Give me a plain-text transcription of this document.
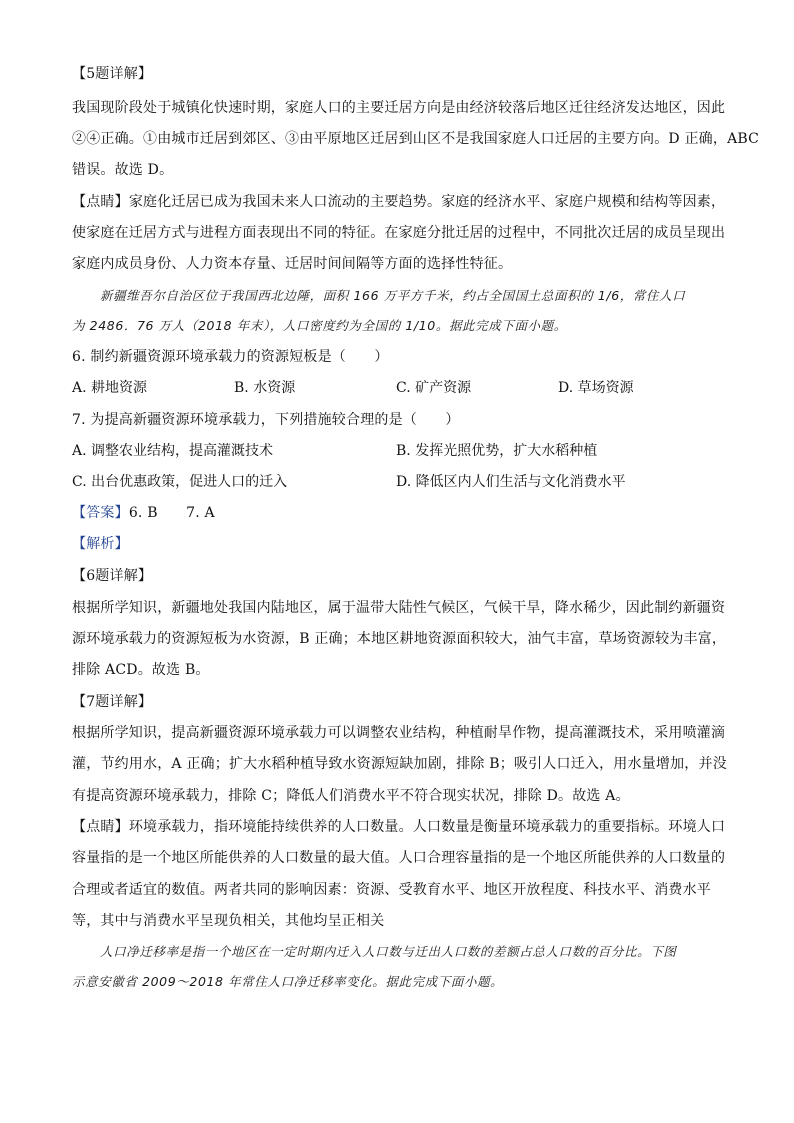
【5题详解】
我国现阶段处于城镇化快速时期，家庭人口的主要迁居方向是由经济较落后地区迁往经济发达地区，因此
②④正确。①由城市迁居到郊区、③由平原地区迁居到山区不是我国家庭人口迁居的主要方向。D 正确，ABC
错误。故选 D。
【点睛】家庭化迁居已成为我国未来人口流动的主要趋势。家庭的经济水平、家庭户规模和结构等因素，
使家庭在迁居方式与进程方面表现出不同的特征。在家庭分批迁居的过程中，不同批次迁居的成员呈现出
家庭内成员身份、人力资本存量、迁居时间间隔等方面的选择性特征。
新疆维吾尔自治区位于我国西北边陲，面积 166 万平方千米，约占全国国土总面积的 1/6，常住人口
为 2486．76 万人（2018 年末），人口密度约为全国的 1/10。据此完成下面小题。
6. 制约新疆资源环境承载力的资源短板是（　　）
A. 耕地资源	B. 水资源	C. 矿产资源	D. 草场资源
7. 为提高新疆资源环境承载力，下列措施较合理的是（　　）
A. 调整农业结构，提高灌溉技术	B. 发挥光照优势，扩大水稻种植
C. 出台优惠政策，促进人口的迁入	D. 降低区内人们生活与文化消费水平
【答案】6. B　　7. A
【解析】
【6题详解】
根据所学知识，新疆地处我国内陆地区，属于温带大陆性气候区，气候干旱，降水稀少，因此制约新疆资
源环境承载力的资源短板为水资源，B 正确；本地区耕地资源面积较大，油气丰富，草场资源较为丰富，
排除 ACD。故选 B。
【7题详解】
根据所学知识，提高新疆资源环境承载力可以调整农业结构，种植耐旱作物，提高灌溉技术，采用喷灌滴
灌，节约用水，A 正确；扩大水稻种植导致水资源短缺加剧，排除 B；吸引人口迁入，用水量增加，并没
有提高资源环境承载力，排除 C；降低人们消费水平不符合现实状况，排除 D。故选 A。
【点睛】环境承载力，指环境能持续供养的人口数量。人口数量是衡量环境承载力的重要指标。环境人口
容量指的是一个地区所能供养的人口数量的最大值。人口合理容量指的是一个地区所能供养的人口数量的
合理或者适宜的数值。两者共同的影响因素：资源、受教育水平、地区开放程度、科技水平、消费水平
等，其中与消费水平呈现负相关，其他均呈正相关
人口净迁移率是指一个地区在一定时期内迁入人口数与迁出人口数的差额占总人口数的百分比。下图
示意安徽省 2009～2018 年常住人口净迁移率变化。据此完成下面小题。
